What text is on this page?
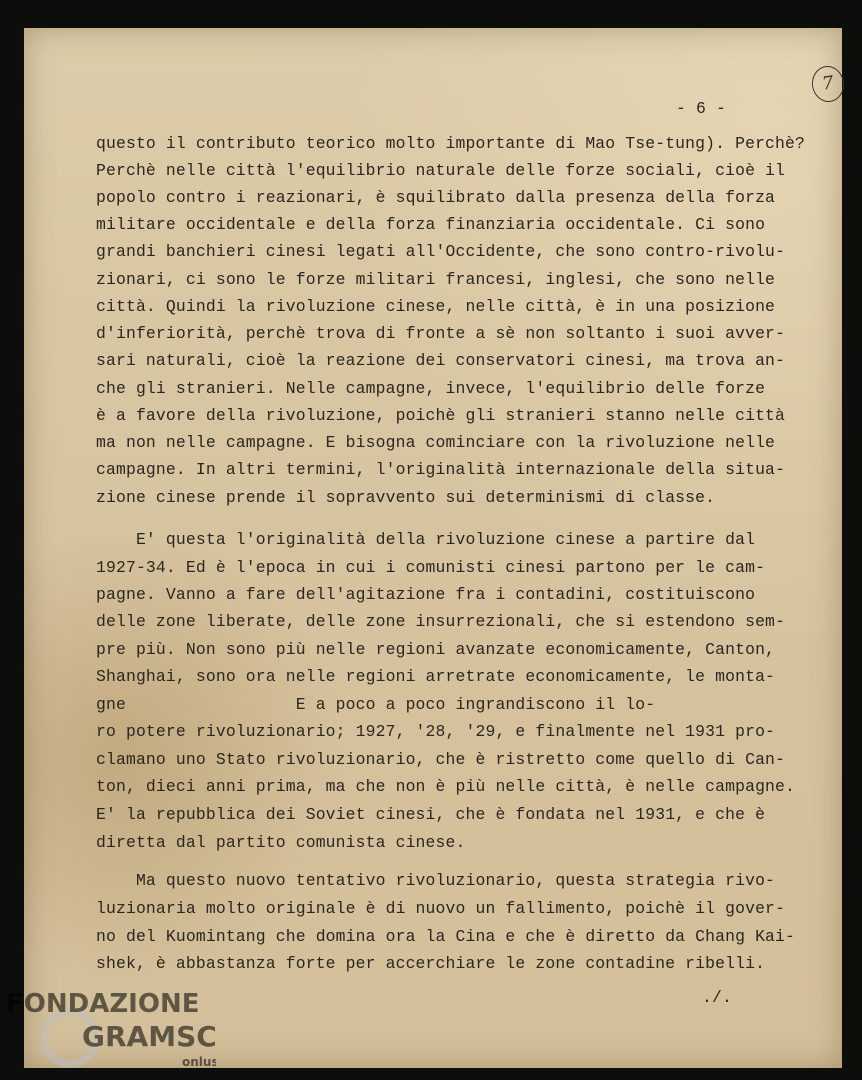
7
- 6 -
questo il contributo teorico molto importante di Mao Tse-tung). Perchè?
Perchè nelle città l'equilibrio naturale delle forze sociali, cioè il
popolo contro i reazionari, è squilibrato dalla presenza della forza
militare occidentale e della forza finanziaria occidentale. Ci sono
grandi banchieri cinesi legati all'Occidente, che sono contro-rivolu-
zionari, ci sono le forze militari francesi, inglesi, che sono nelle
città. Quindi la rivoluzione cinese, nelle città, è in una posizione
d'inferiorità, perchè trova di fronte a sè non soltanto i suoi avver-
sari naturali, cioè la reazione dei conservatori cinesi, ma trova an-
che gli stranieri. Nelle campagne, invece, l'equilibrio delle forze
è a favore della rivoluzione, poichè gli stranieri stanno nelle città
ma non nelle campagne. E bisogna cominciare con la rivoluzione nelle
campagne. In altri termini, l'originalità internazionale della situa-
zione cinese prende il sopravvento sui determinismi di classe.
E' questa l'originalità della rivoluzione cinese a partire dal
1927-34. Ed è l'epoca in cui i comunisti cinesi partono per le cam-
pagne. Vanno a fare dell'agitazione fra i contadini, costituiscono
delle zone liberate, delle zone insurrezionali, che si estendono sem-
pre più. Non sono più nelle regioni avanzate economicamente, Canton,
Shanghai, sono ora nelle regioni arretrate economicamente, le monta-
gne                 E a poco a poco ingrandiscono il lo-
ro potere rivoluzionario; 1927, '28, '29, e finalmente nel 1931 pro-
clamano uno Stato rivoluzionario, che è ristretto come quello di Can-
ton, dieci anni prima, ma che non è più nelle città, è nelle campagne.
E' la repubblica dei Soviet cinesi, che è fondata nel 1931, e che è
diretta dal partito comunista cinese.
Ma questo nuovo tentativo rivoluzionario, questa strategia rivo-
luzionaria molto originale è di nuovo un fallimento, poichè il gover-
no del Kuomintang che domina ora la Cina e che è diretto da Chang Kai-
shek, è abbastanza forte per accerchiare le zone contadine ribelli.
./.
FONDAZIONE
GRAMSCI
onlus
